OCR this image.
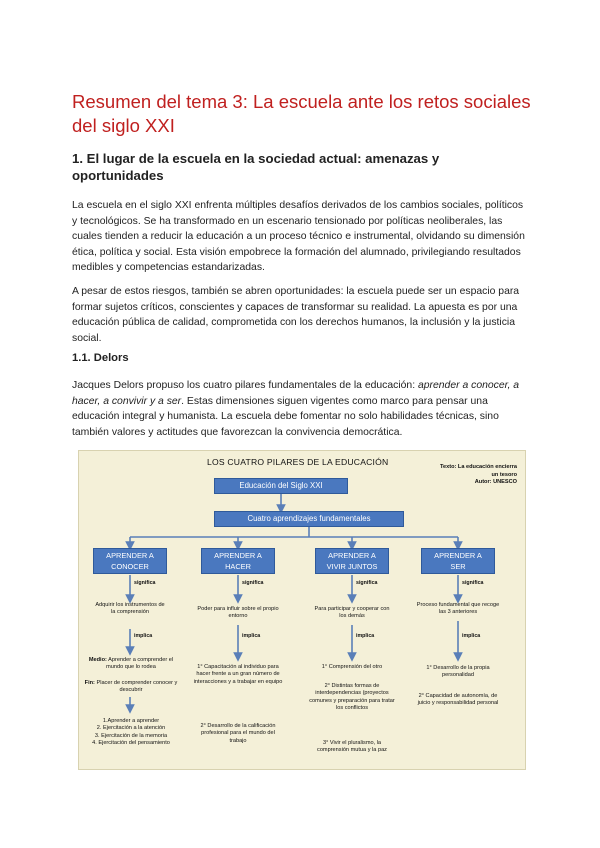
Resumen del tema 3: La escuela ante los retos sociales del siglo XXI
1. El lugar de la escuela en la sociedad actual: amenazas y oportunidades

La escuela en el siglo XXI enfrenta múltiples desafíos derivados de los cambios sociales, políticos y tecnológicos. Se ha transformado en un escenario tensionado por políticas neoliberales, las cuales tienden a reducir la educación a un proceso técnico e instrumental, olvidando su dimensión ética, política y social. Esta visión empobrece la formación del alumnado, privilegiando resultados medibles y competencias estandarizadas.

A pesar de estos riesgos, también se abren oportunidades: la escuela puede ser un espacio para formar sujetos críticos, conscientes y capaces de transformar su realidad. La apuesta es por una educación pública de calidad, comprometida con los derechos humanos, la inclusión y la justicia social.

1.1. Delors

Jacques Delors propuso los cuatro pilares fundamentales de la educación: aprender a conocer, a hacer, a convivir y a ser. Estas dimensiones siguen vigentes como marco para pensar una educación integral y humanista. La escuela debe fomentar no solo habilidades técnicas, sino también valores y actitudes que favorezcan la convivencia democrática.

LOS CUATRO PILARES DE LA EDUCACIÓN	Texto: La educación encierra
un tesoro
Autor: UNESCO
Educación del Siglo XXI
Cuatro aprendizajes fundamentales
APRENDER A
CONOCER
APRENDER A
HACER
APRENDER A
VIVIR JUNTOS
APRENDER A
SER
significa	significa	significa	significa
Adquirir los instrumentos de la comprensión	Poder para influir sobre el propio entorno
Para participar y cooperar con los demás
Proceso fundamental que recoge las 3 anteriores
implica	implica	implica	implica
Medio: Aprender a comprender el mundo que lo rodea
Fin: Placer de comprender conocer y descubrir
1.Aprender a aprender
2. Ejercitación a la atención
3. Ejercitación de la memoria
4. Ejercitación del pensamiento
1° Capacitación al individuo para hacer frente a un gran número de interacciones y a trabajar en equipo
2° Desarrollo de la calificación profesional para el mundo del trabajo
1° Comprensión del otro
2° Distintas formas de interdependencias (proyectos comunes y preparación para tratar los conflictos
3° Vivir el pluralismo, la comprensión mutua y la paz
1° Desarrollo de la propia personalidad
2° Capacidad de autonomía, de juicio y responsabilidad personal
